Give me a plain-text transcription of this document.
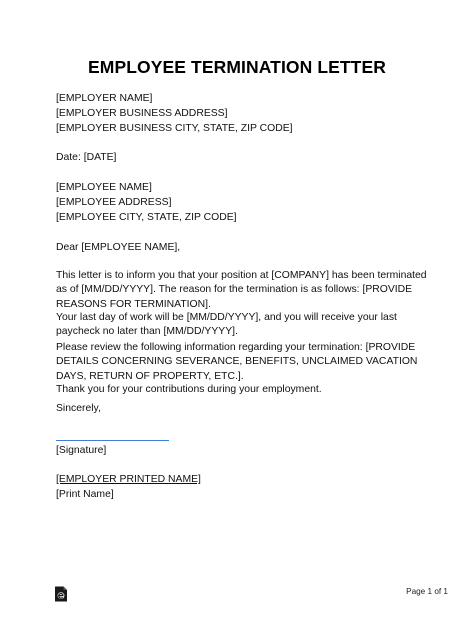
EMPLOYEE TERMINATION LETTER
[EMPLOYER NAME]
[EMPLOYER BUSINESS ADDRESS]
[EMPLOYER BUSINESS CITY, STATE, ZIP CODE]
Date: [DATE]
[EMPLOYEE NAME]
[EMPLOYEE ADDRESS]
[EMPLOYEE CITY, STATE, ZIP CODE]
Dear [EMPLOYEE NAME],
This letter is to inform you that your position at [COMPANY] has been terminated as of [MM/DD/YYYY]. The reason for the termination is as follows: [PROVIDE REASONS FOR TERMINATION].
Your last day of work will be [MM/DD/YYYY], and you will receive your last paycheck no later than [MM/DD/YYYY].
Please review the following information regarding your termination: [PROVIDE DETAILS CONCERNING SEVERANCE, BENEFITS, UNCLAIMED VACATION DAYS, RETURN OF PROPERTY, ETC.].
Thank you for your contributions during your employment.
Sincerely,
[Signature]
[EMPLOYER PRINTED NAME]
[Print Name]
Page 1 of 1
